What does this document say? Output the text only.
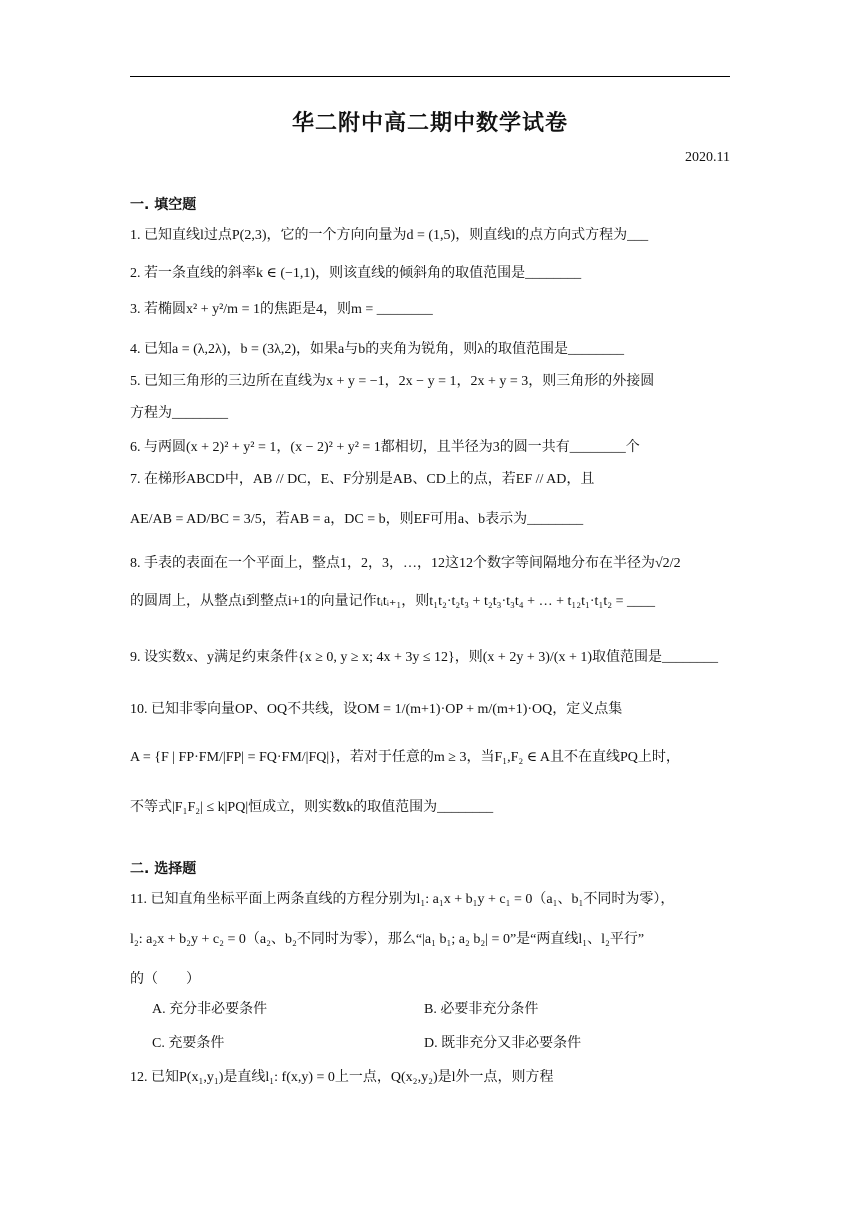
华二附中高二期中数学试卷
2020.11
一. 填空题
1. 已知直线l过点P(2,3)，它的一个方向向量为d = (1,5)，则直线l的点方向式方程为___
2. 若一条直线的斜率k ∈ (−1,1)，则该直线的倾斜角的取值范围是________
3. 若椭圆x² + y²/m = 1的焦距是4，则m = ________
4. 已知a = (λ,2λ)，b = (3λ,2)，如果a与b的夹角为锐角，则λ的取值范围是________
5. 已知三角形的三边所在直线为x + y = −1，2x − y = 1，2x + y = 3，则三角形的外接圆
方程为________
6. 与两圆(x + 2)² + y² = 1，(x − 2)² + y² = 1都相切，且半径为3的圆一共有________个
7. 在梯形ABCD中，AB // DC，E、F分别是AB、CD上的点，若EF // AD，且
AE/AB = AD/BC = 3/5，若AB = a，DC = b，则EF可用a、b表示为________
8. 手表的表面在一个平面上，整点1，2，3，…，12这12个数字等间隔地分布在半径为√2/2
的圆周上，从整点i到整点i+1的向量记作tᵢtᵢ₊₁，则t₁t₂·t₂t₃ + t₂t₃·t₃t₄ + … + t₁₂t₁·t₁t₂ = ____
9. 设实数x、y满足约束条件{x ≥ 0, y ≥ x; 4x + 3y ≤ 12}，则(x + 2y + 3)/(x + 1)取值范围是________
10. 已知非零向量OP、OQ不共线，设OM = 1/(m+1)·OP + m/(m+1)·OQ，定义点集
A = {F | FP·FM/|FP| = FQ·FM/|FQ|}，若对于任意的m ≥ 3，当F₁,F₂ ∈ A且不在直线PQ上时，
不等式|F₁F₂| ≤ k|PQ|恒成立，则实数k的取值范围为________
二. 选择题
11. 已知直角坐标平面上两条直线的方程分别为l₁: a₁x + b₁y + c₁ = 0（a₁、b₁不同时为零），
l₂: a₂x + b₂y + c₂ = 0（a₂、b₂不同时为零），那么“|a₁ b₁; a₂ b₂| = 0”是“两直线l₁、l₂平行”
的（　　）
A. 充分非必要条件	B. 必要非充分条件
C. 充要条件	D. 既非充分又非必要条件
12. 已知P(x₁,y₁)是直线l₁: f(x,y) = 0上一点，Q(x₂,y₂)是l外一点，则方程
